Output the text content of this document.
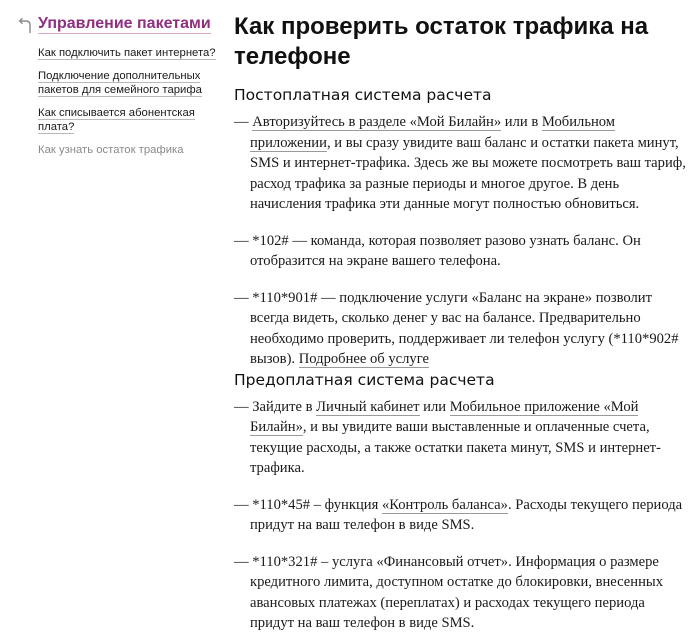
Управление пакетами
Как подключить пакет интернета?
Подключение дополнительных пакетов для семейного тарифа
Как списывается абонентская плата?
Как узнать остаток трафика
Как проверить остаток трафика на телефоне
Постоплатная система расчета

— Авторизуйтесь в разделе «Мой Билайн» или в Мобильном приложении, и вы сразу увидите ваш баланс и остатки пакета минут, SMS и интернет-трафика. Здесь же вы можете посмотреть ваш тариф, расход трафика за разные периоды и многое другое. В день начисления трафика эти данные могут полностью обновиться.

— *102# — команда, которая позволяет разово узнать баланс. Он отобразится на экране вашего телефона.

— *110*901# — подключение услуги «Баланс на экране» позволит всегда видеть, сколько денег у вас на балансе. Предварительно необходимо проверить, поддерживает ли телефон услугу (*110*902# вызов). Подробнее об услуге

Предоплатная система расчета

— Зайдите в Личный кабинет или Мобильное приложение «Мой Билайн», и вы увидите ваши выставленные и оплаченные счета, текущие расходы, а также остатки пакета минут, SMS и интернет-трафика.

— *110*45# – функция «Контроль баланса». Расходы текущего периода придут на ваш телефон в виде SMS.

— *110*321# – услуга «Финансовый отчет». Информация о размере кредитного лимита, доступном остатке до блокировки, внесенных авансовых платежах (переплатах) и расходах текущего периода придут на ваш телефон в виде SMS.
